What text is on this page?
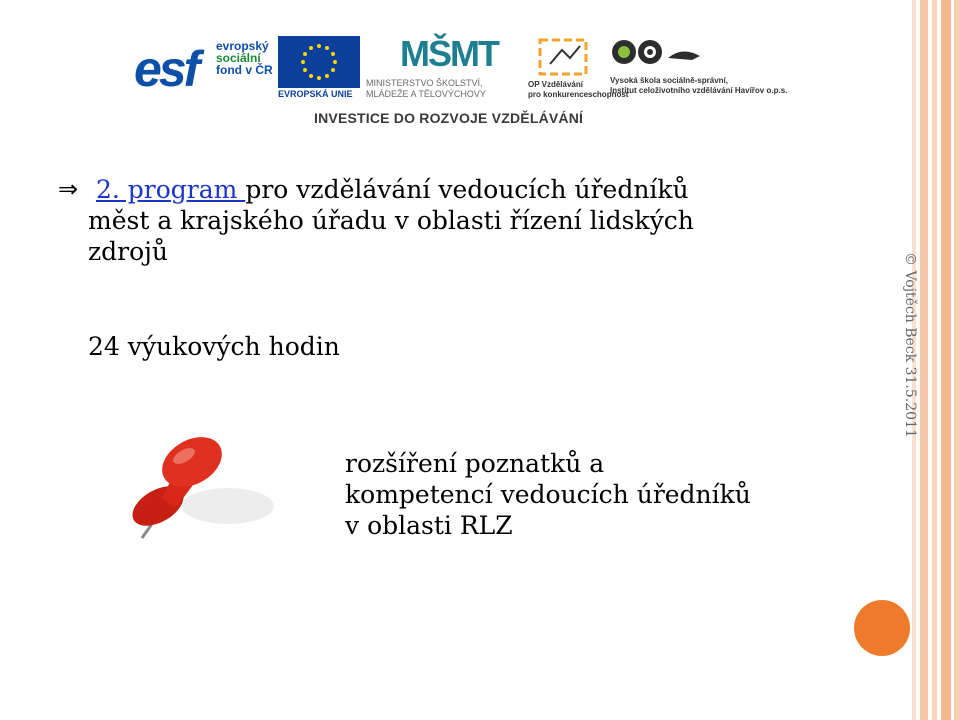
esf evropský
sociální
fond v ČR
EVROPSKÁ UNIE
MŠMT
MINISTERSTVO ŠKOLSTVÍ,
MLÁDEŽE A TĚLOVÝCHOVY
OP Vzdělávání
pro konkurenceschopnost
Vysoká škola sociálně-správní,
Institut celoživotního vzdělávání Havířov o.p.s.
INVESTICE DO ROZVOJE VZDĚLÁVÁNÍ
⇒ 2. program pro vzdělávání vedoucích úředníků
měst a krajského úřadu v oblasti řízení lidských
zdrojů
24 výukových hodin
rozšíření poznatků a
kompetencí vedoucích úředníků
v oblasti RLZ
© Vojtěch Beck 31.5.2011
